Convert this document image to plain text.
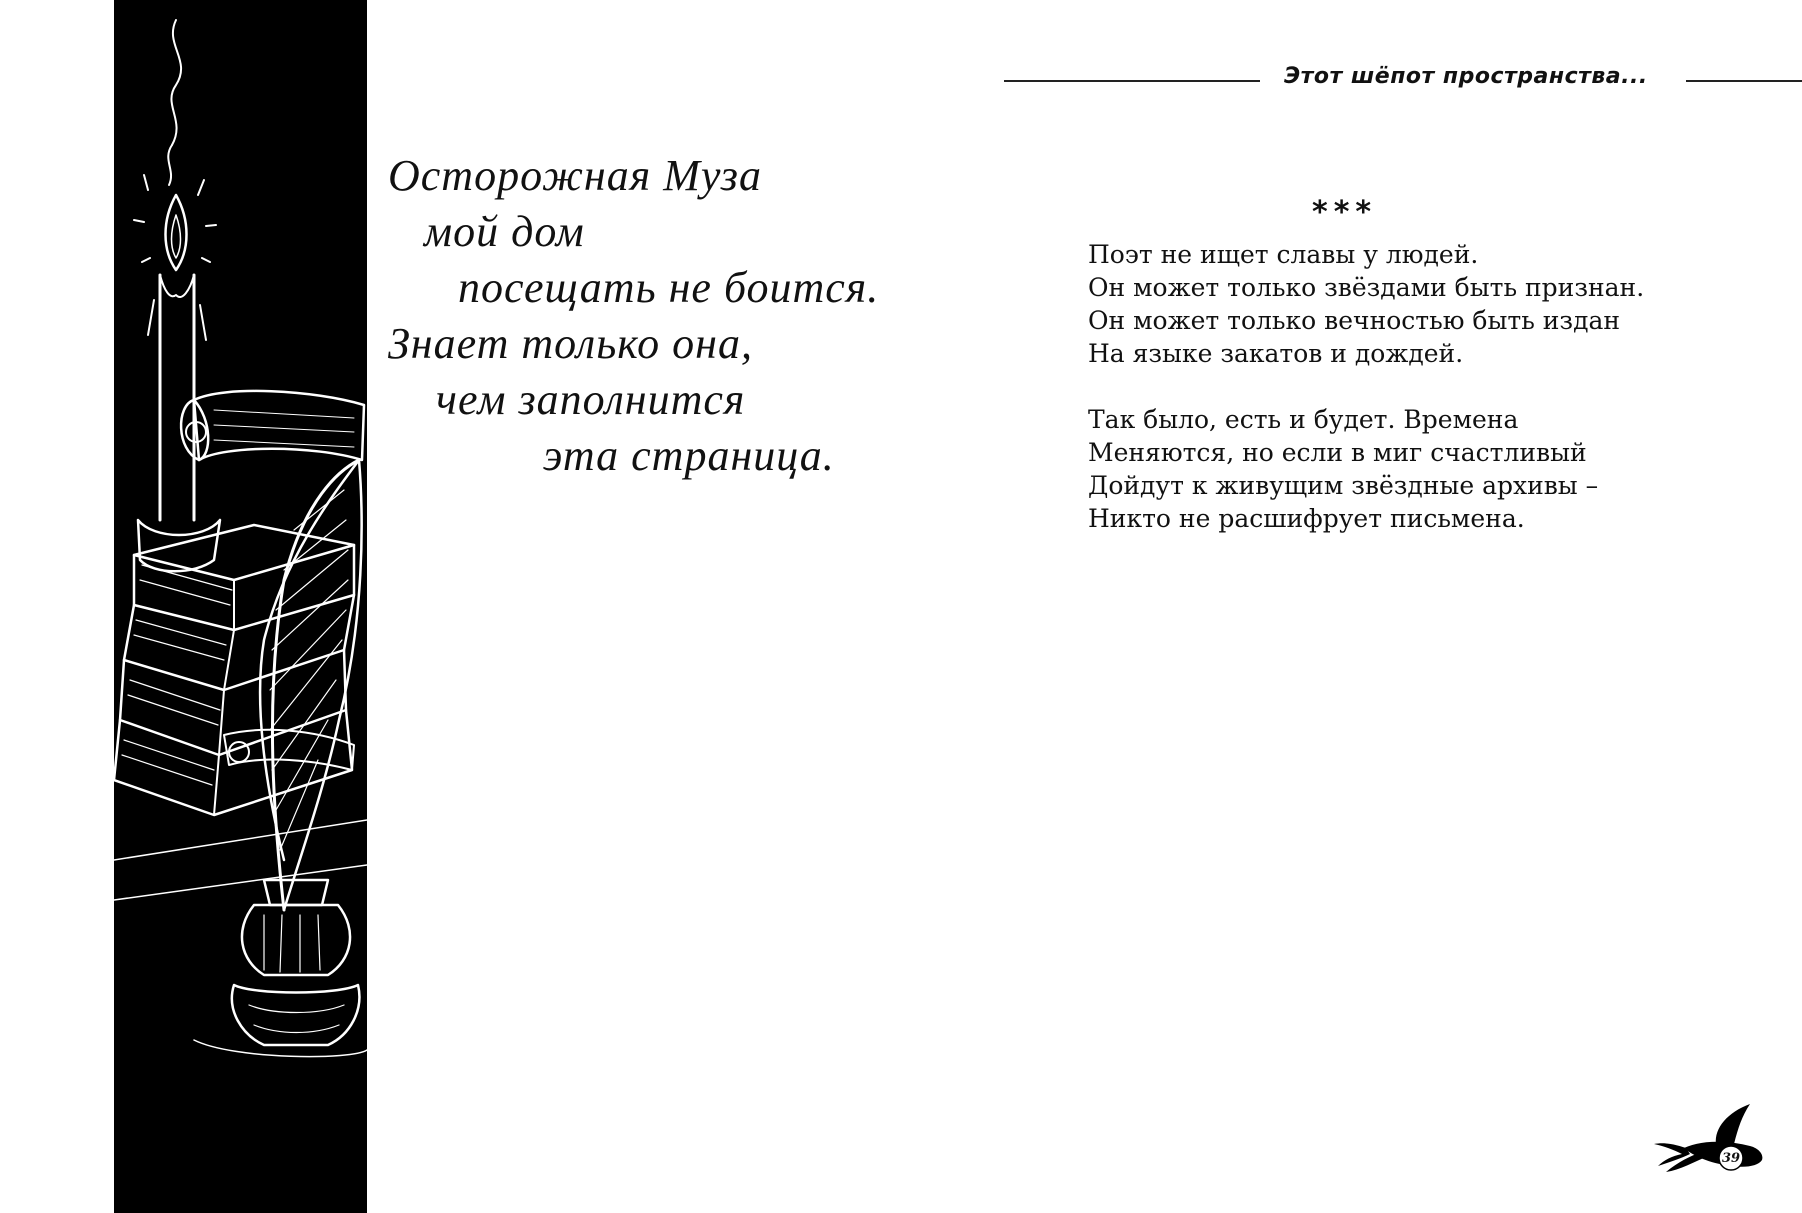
Осторожная Муза
мой дом
посещать не боится.
Знает только она,
чем заполнится
эта страница.
Этот шёпот пространства...
***
Поэт не ищет славы у людей.
Он может только звёздами быть признан.
Он может только вечностью быть издан
На языке закатов и дождей.
Так было, есть и будет. Времена
Меняются, но если в миг счастливый
Дойдут к живущим звёздные архивы –
Никто не расшифрует письмена.
39
